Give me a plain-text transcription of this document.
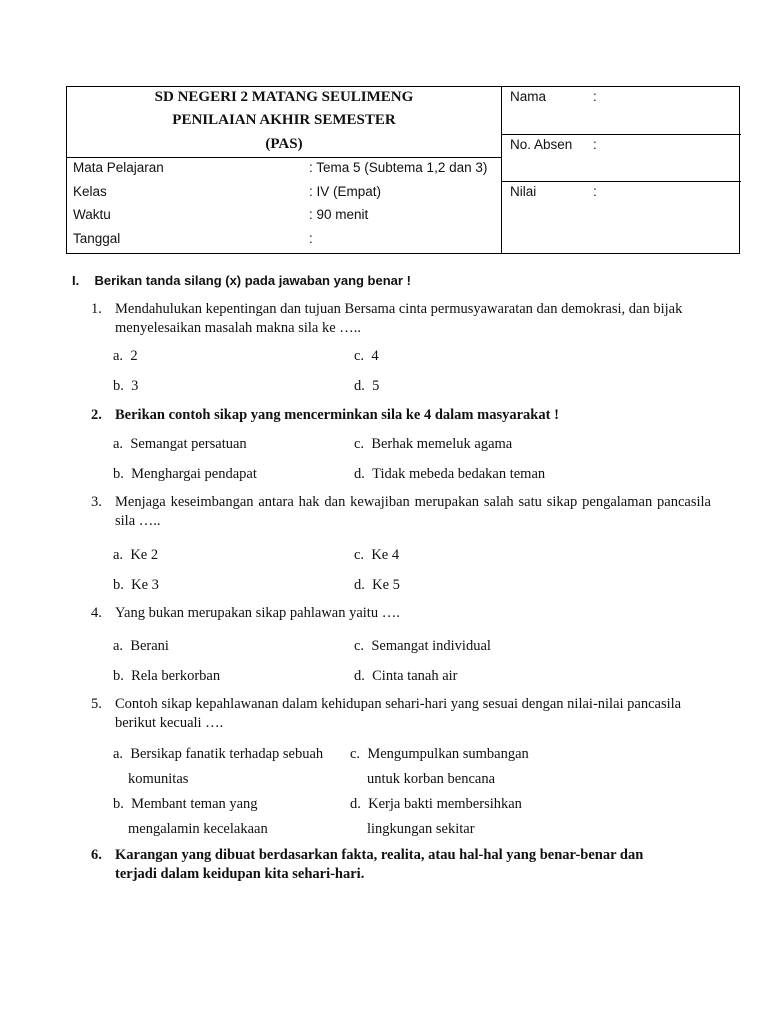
SD NEGERI 2 MATANG SEULIMENG
PENILAIAN AKHIR SEMESTER
(PAS)
Mata Pelajaran	: Tema 5 (Subtema 1,2 dan 3)
Kelas	: IV (Empat)
Waktu	: 90 menit
Tanggal	:
Nama	:
No. Absen :
Nilai	:
I. Berikan tanda silang (x) pada jawaban yang benar !
1. Mendahulukan kepentingan dan tujuan Bersama cinta permusyawaratan dan demokrasi, dan bijak menyelesaikan masalah makna sila ke …..
a. 2	c. 4
b. 3	d. 5
2. Berikan contoh sikap yang mencerminkan sila ke 4 dalam masyarakat !
a. Semangat persatuan	c. Berhak memeluk agama
b. Menghargai pendapat	d. Tidak mebeda bedakan teman
3. Menjaga keseimbangan antara hak dan kewajiban merupakan salah satu sikap pengalaman pancasila sila …..
a. Ke 2	c. Ke 4
b. Ke 3	d. Ke 5
4. Yang bukan merupakan sikap pahlawan yaitu ….
a. Berani	c. Semangat individual
b. Rela berkorban	d. Cinta tanah air
5. Contoh sikap kepahlawanan dalam kehidupan sehari-hari yang sesuai dengan nilai-nilai pancasila berikut kecuali ….
a. Bersikap fanatik terhadap sebuah
komunitas
c. Mengumpulkan sumbangan
untuk korban bencana
b. Membant teman yang
mengalamin kecelakaan
d. Kerja bakti membersihkan
lingkungan sekitar
6. Karangan yang dibuat berdasarkan fakta, realita, atau hal-hal yang benar-benar dan terjadi dalam keidupan kita sehari-hari.
